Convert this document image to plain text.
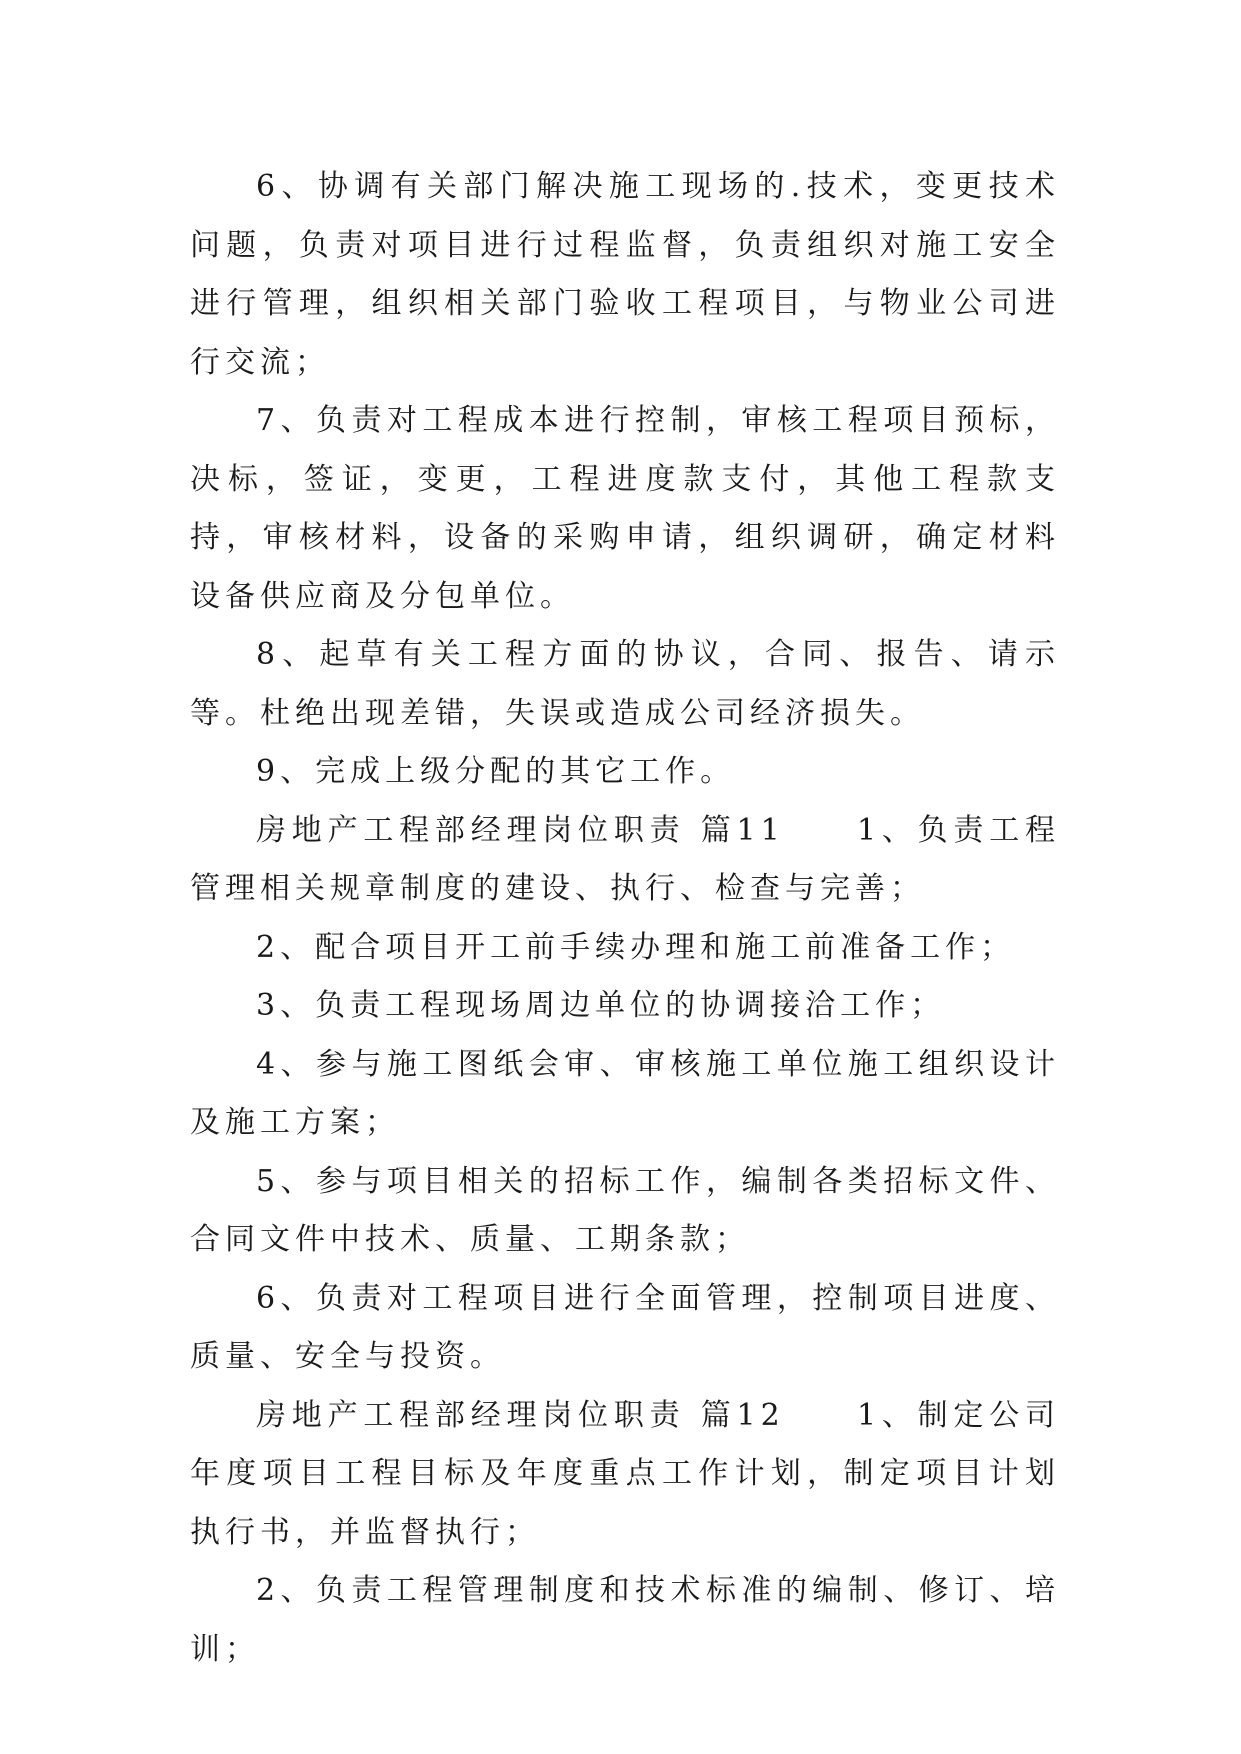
6、协调有关部门解决施工现场的.技术，变更技术问题，负责对项目进行过程监督，负责组织对施工安全进行管理，组织相关部门验收工程项目，与物业公司进行交流；

7、负责对工程成本进行控制，审核工程项目预标，决标，签证，变更，工程进度款支付，其他工程款支持，审核材料，设备的采购申请，组织调研，确定材料设备供应商及分包单位。

8、起草有关工程方面的协议，合同、报告、请示等。杜绝出现差错，失误或造成公司经济损失。

9、完成上级分配的其它工作。

房地产工程部经理岗位职责 篇11　　1、负责工程管理相关规章制度的建设、执行、检查与完善；

2、配合项目开工前手续办理和施工前准备工作；

3、负责工程现场周边单位的协调接洽工作；

4、参与施工图纸会审、审核施工单位施工组织设计及施工方案；

5、参与项目相关的招标工作，编制各类招标文件、合同文件中技术、质量、工期条款；

6、负责对工程项目进行全面管理，控制项目进度、质量、安全与投资。

房地产工程部经理岗位职责 篇12　　1、制定公司年度项目工程目标及年度重点工作计划，制定项目计划执行书，并监督执行；

2、负责工程管理制度和技术标准的编制、修订、培训；
